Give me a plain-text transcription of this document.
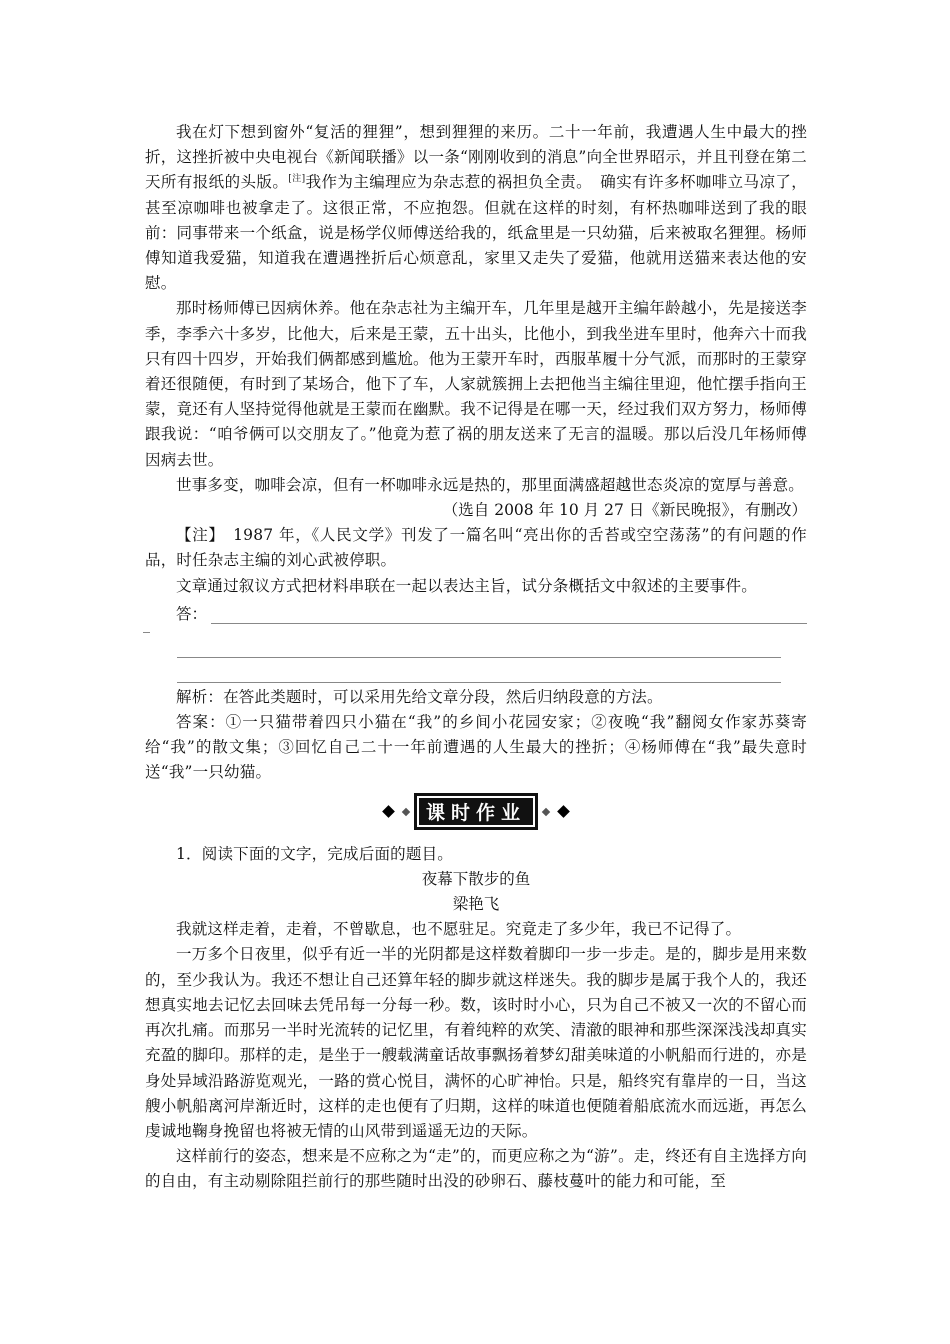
我在灯下想到窗外“复活的狸狸”，想到狸狸的来历。二十一年前，我遭遇人生中最大的挫折，这挫折被中央电视台《新闻联播》以一条“刚刚收到的消息”向全世界昭示，并且刊登在第二天所有报纸的头版。[注]我作为主编理应为杂志惹的祸担负全责。　确实有许多杯咖啡立马凉了，甚至凉咖啡也被拿走了。这很正常，不应抱怨。但就在这样的时刻，有杯热咖啡送到了我的眼前：同事带来一个纸盒，说是杨学仪师傅送给我的，纸盒里是一只幼猫，后来被取名狸狸。杨师傅知道我爱猫，知道我在遭遇挫折后心烦意乱，家里又走失了爱猫，他就用送猫来表达他的安慰。

那时杨师傅已因病休养。他在杂志社为主编开车，几年里是越开主编年龄越小，先是接送李季，李季六十多岁，比他大，后来是王蒙，五十出头，比他小，到我坐进车里时，他奔六十而我只有四十四岁，开始我们俩都感到尴尬。他为王蒙开车时，西服革履十分气派，而那时的王蒙穿着还很随便，有时到了某场合，他下了车，人家就簇拥上去把他当主编往里迎，他忙摆手指向王蒙，竟还有人坚持觉得他就是王蒙而在幽默。我不记得是在哪一天，经过我们双方努力，杨师傅跟我说：“咱爷俩可以交朋友了。”他竟为惹了祸的朋友送来了无言的温暖。那以后没几年杨师傅因病去世。

世事多变，咖啡会凉，但有一杯咖啡永远是热的，那里面满盛超越世态炎凉的宽厚与善意。

（选自 2008 年 10 月 27 日《新民晚报》，有删改）

【注】　1987 年，《人民文学》刊发了一篇名叫“亮出你的舌苔或空空荡荡”的有问题的作品，时任杂志主编的刘心武被停职。

文章通过叙议方式把材料串联在一起以表达主旨，试分条概括文中叙述的主要事件。

答：

解析：在答此类题时，可以采用先给文章分段，然后归纳段意的方法。

答案：①一只猫带着四只小猫在“我”的乡间小花园安家；②夜晚“我”翻阅女作家苏葵寄给“我”的散文集；③回忆自己二十一年前遭遇的人生最大的挫折；④杨师傅在“我”最失意时送“我”一只幼猫。

课时作业

1．阅读下面的文字，完成后面的题目。

夜幕下散步的鱼

梁艳飞

我就这样走着，走着，不曾歇息，也不愿驻足。究竟走了多少年，我已不记得了。

一万多个日夜里，似乎有近一半的光阴都是这样数着脚印一步一步走。是的，脚步是用来数的，至少我认为。我还不想让自己还算年轻的脚步就这样迷失。我的脚步是属于我个人的，我还想真实地去记忆去回味去凭吊每一分每一秒。数，该时时小心，只为自己不被又一次的不留心而再次扎痛。而那另一半时光流转的记忆里，有着纯粹的欢笑、清澈的眼神和那些深深浅浅却真实充盈的脚印。那样的走，是坐于一艘载满童话故事飘扬着梦幻甜美味道的小帆船而行进的，亦是身处异域沿路游览观光，一路的赏心悦目，满怀的心旷神怡。只是，船终究有靠岸的一日，当这艘小帆船离河岸渐近时，这样的走也便有了归期，这样的味道也便随着船底流水而远逝，再怎么虔诚地鞠身挽留也将被无情的山风带到遥遥无边的天际。

这样前行的姿态，想来是不应称之为“走”的，而更应称之为“游”。走，终还有自主选择方向的自由，有主动剔除阻拦前行的那些随时出没的砂卵石、藤枝蔓叶的能力和可能，至
